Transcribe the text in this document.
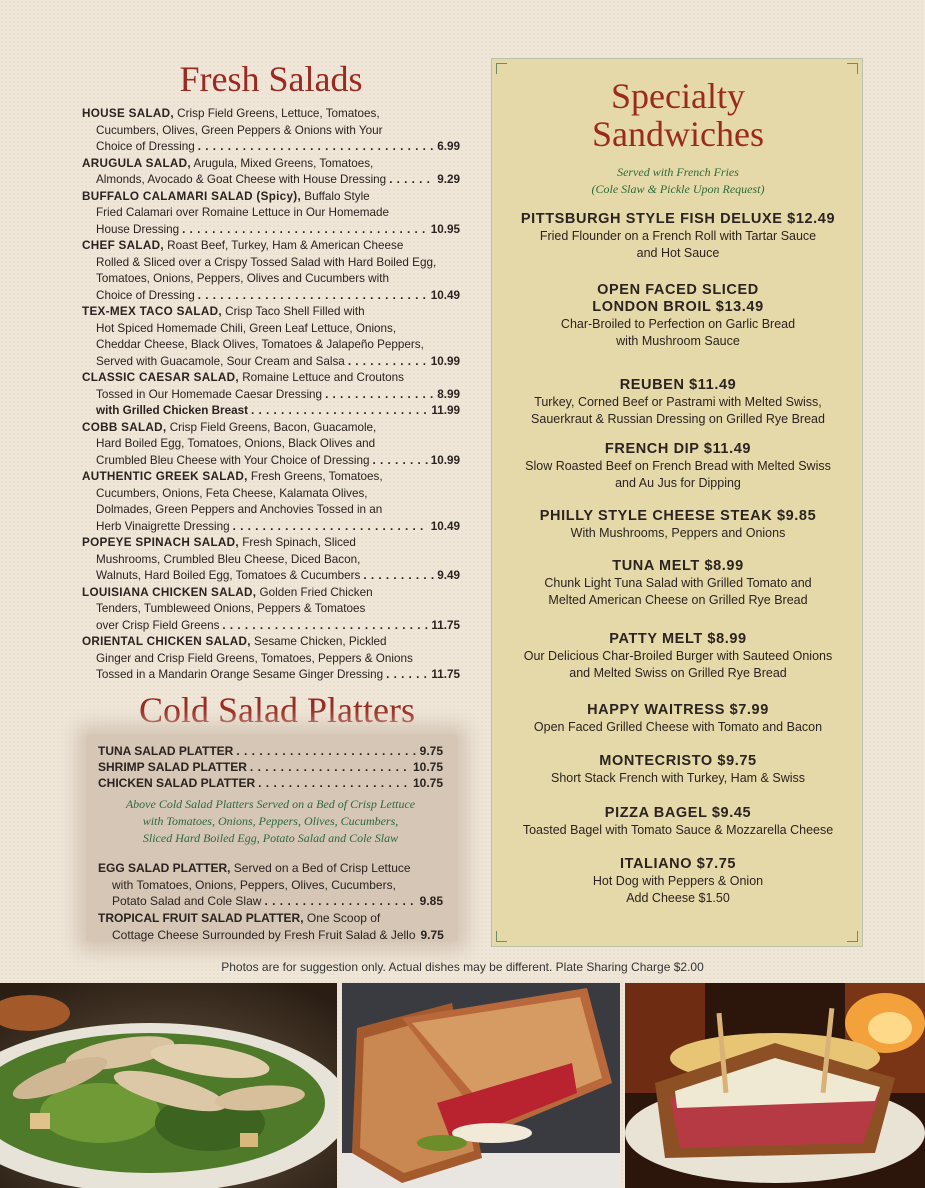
Fresh Salads
HOUSE SALAD, Crisp Field Greens, Lettuce, Tomatoes,
Cucumbers, Olives, Green Peppers & Onions with Your
Choice of Dressing . . .	6.99
ARUGULA SALAD, Arugula, Mixed Greens, Tomatoes,
Almonds, Avocado & Goat Cheese with House Dressing . . .	9.29
BUFFALO CALAMARI SALAD (Spicy), Buffalo Style
Fried Calamari over Romaine Lettuce in Our Homemade
House Dressing . . .	10.95
CHEF SALAD, Roast Beef, Turkey, Ham & American Cheese
Rolled & Sliced over a Crispy Tossed Salad with Hard Boiled Egg,
Tomatoes, Onions, Peppers, Olives and Cucumbers with
Choice of Dressing . . .	10.49
TEX-MEX TACO SALAD, Crisp Taco Shell Filled with
Hot Spiced Homemade Chili, Green Leaf Lettuce, Onions,
Cheddar Cheese, Black Olives, Tomatoes & Jalapeño Peppers,
Served with Guacamole, Sour Cream and Salsa . . .	10.99
CLASSIC CAESAR SALAD, Romaine Lettuce and Croutons
Tossed in Our Homemade Caesar Dressing . . .	8.99
with Grilled Chicken Breast . . .	11.99
COBB SALAD, Crisp Field Greens, Bacon, Guacamole,
Hard Boiled Egg, Tomatoes, Onions, Black Olives and
Crumbled Bleu Cheese with Your Choice of Dressing . . .	10.99
AUTHENTIC GREEK SALAD, Fresh Greens, Tomatoes,
Cucumbers, Onions, Feta Cheese, Kalamata Olives,
Dolmades, Green Peppers and Anchovies Tossed in an
Herb Vinaigrette Dressing . . .	10.49
POPEYE SPINACH SALAD, Fresh Spinach, Sliced
Mushrooms, Crumbled Bleu Cheese, Diced Bacon,
Walnuts, Hard Boiled Egg, Tomatoes & Cucumbers . . .	9.49
LOUISIANA CHICKEN SALAD, Golden Fried Chicken
Tenders, Tumbleweed Onions, Peppers & Tomatoes
over Crisp Field Greens . . .	11.75
ORIENTAL CHICKEN SALAD, Sesame Chicken, Pickled
Ginger and Crisp Field Greens, Tomatoes, Peppers & Onions
Tossed in a Mandarin Orange Sesame Ginger Dressing . . .	11.75
Cold Salad Platters
TUNA SALAD PLATTER . . .	9.75
SHRIMP SALAD PLATTER . . .	10.75
CHICKEN SALAD PLATTER . . .	10.75
Above Cold Salad Platters Served on a Bed of Crisp Lettuce
with Tomatoes, Onions, Peppers, Olives, Cucumbers,
Sliced Hard Boiled Egg, Potato Salad and Cole Slaw
EGG SALAD PLATTER, Served on a Bed of Crisp Lettuce
with Tomatoes, Onions, Peppers, Olives, Cucumbers,
Potato Salad and Cole Slaw . . .	9.85
TROPICAL FRUIT SALAD PLATTER, One Scoop of
Cottage Cheese Surrounded by Fresh Fruit Salad & Jello 9.75
Specialty
Sandwiches
Served with French Fries
(Cole Slaw & Pickle Upon Request)
PITTSBURGH STYLE FISH DELUXE $12.49
Fried Flounder on a French Roll with Tartar Sauce
and Hot Sauce
OPEN FACED SLICED
LONDON BROIL $13.49
Char-Broiled to Perfection on Garlic Bread
with Mushroom Sauce
REUBEN $11.49
Turkey, Corned Beef or Pastrami with Melted Swiss,
Sauerkraut & Russian Dressing on Grilled Rye Bread
FRENCH DIP $11.49
Slow Roasted Beef on French Bread with Melted Swiss
and Au Jus for Dipping
PHILLY STYLE CHEESE STEAK $9.85
With Mushrooms, Peppers and Onions
TUNA MELT $8.99
Chunk Light Tuna Salad with Grilled Tomato and
Melted American Cheese on Grilled Rye Bread
PATTY MELT $8.99
Our Delicious Char-Broiled Burger with Sauteed Onions
and Melted Swiss on Grilled Rye Bread
HAPPY WAITRESS $7.99
Open Faced Grilled Cheese with Tomato and Bacon
MONTECRISTO $9.75
Short Stack French with Turkey, Ham & Swiss
PIZZA BAGEL $9.45
Toasted Bagel with Tomato Sauce & Mozzarella Cheese
ITALIANO $7.75
Hot Dog with Peppers & Onion
Add Cheese $1.50
Photos are for suggestion only. Actual dishes may be different. Plate Sharing Charge $2.00
